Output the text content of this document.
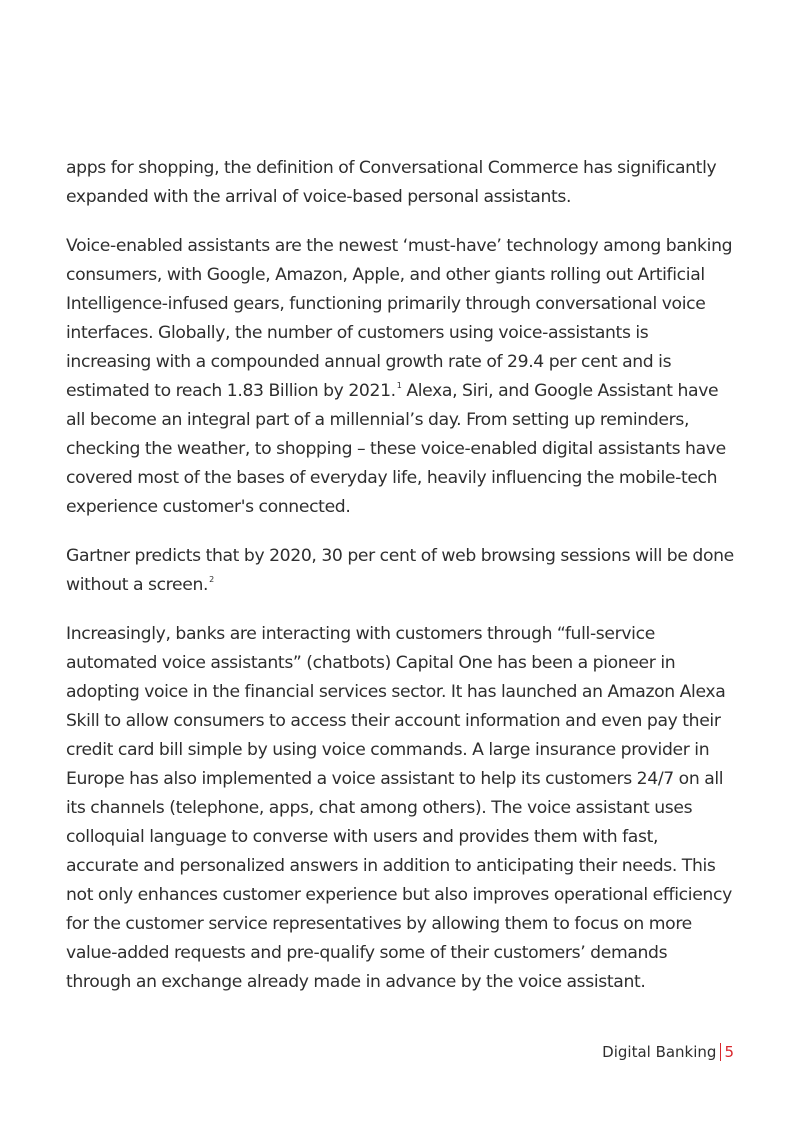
apps for shopping, the definition of Conversational Commerce has significantly expanded with the arrival of voice-based personal assistants.

Voice-enabled assistants are the newest ‘must-have’ technology among banking consumers, with Google, Amazon, Apple, and other giants rolling out Artificial Intelligence-infused gears, functioning primarily through conversational voice interfaces. Globally, the number of customers using voice-assistants is increasing with a compounded annual growth rate of 29.4 per cent and is estimated to reach 1.83 Billion by 2021.$^1$ Alexa, Siri, and Google Assistant have all become an integral part of a millennial’s day. From setting up reminders, checking the weather, to shopping – these voice-enabled digital assistants have covered most of the bases of everyday life, heavily influencing the mobile-tech experience customer's connected.

Gartner predicts that by 2020, 30 per cent of web browsing sessions will be done without a screen.$^2$

Increasingly, banks are interacting with customers through “full-service automated voice assistants” (chatbots) Capital One has been a pioneer in adopting voice in the financial services sector. It has launched an Amazon Alexa Skill to allow consumers to access their account information and even pay their credit card bill simple by using voice commands. A large insurance provider in Europe has also implemented a voice assistant to help its customers 24/7 on all its channels (telephone, apps, chat among others). The voice assistant uses colloquial language to converse with users and provides them with fast, accurate and personalized answers in addition to anticipating their needs. This not only enhances customer experience but also improves operational efficiency for the customer service representatives by allowing them to focus on more value-added requests and pre-qualify some of their customers’ demands through an exchange already made in advance by the voice assistant.

Digital Banking 5
